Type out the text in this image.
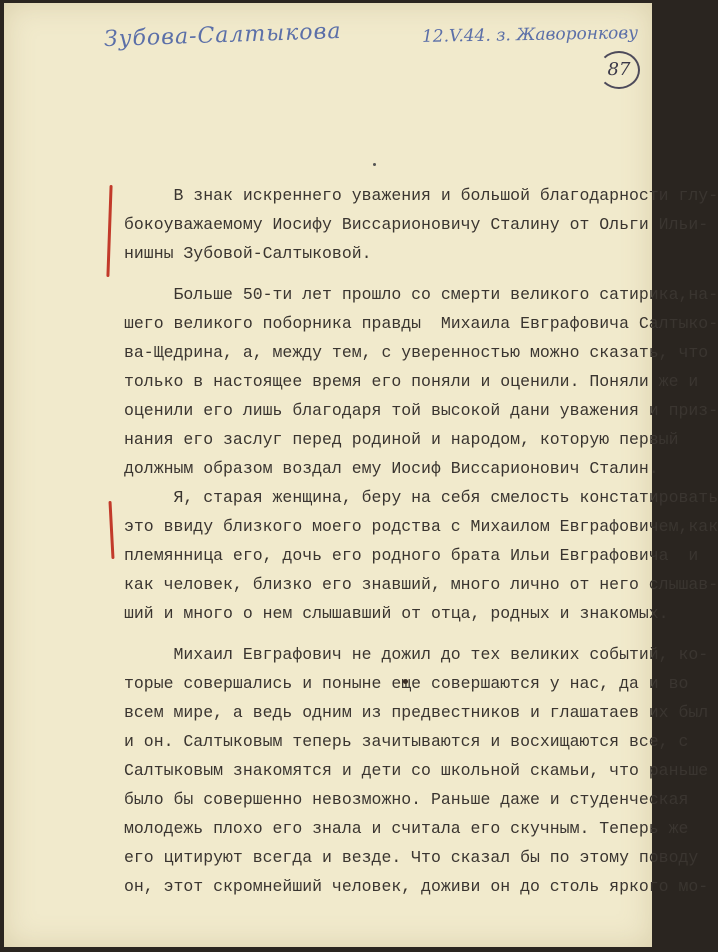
Зубова-Салтыкова	12.V.44. з. Жаворонкову
87
В знак искреннего уважения и большой благодарности глу-
бокоуважаемому Иосифу Виссарионовичу Сталину от Ольги Ильи-
нишны Зубовой-Салтыковой.
Больше 50-ти лет прошло со смерти великого сатирика,на-
шего великого поборника правды  Михаила Евграфовича Салтыко-
ва-Щедрина, а, между тем, с уверенностью можно сказать, что
только в настоящее время его поняли и оценили. Поняли же и
оценили его лишь благодаря той высокой дани уважения и приз-
нания его заслуг перед родиной и народом, которую первый
должным образом воздал ему Иосиф Виссарионович Сталин.
Я, старая женщина, беру на себя смелость констатировать
это ввиду близкого моего родства с Михаилом Евграфовичем,как
племянница его, дочь его родного брата Ильи Евграфовича  и
как человек, близко его знавший, много лично от него слышав-
ший и много о нем слышавший от отца, родных и знакомых.
Михаил Евграфович не дожил до тех великих событий, ко-
торые совершались и поныне еще совершаются у нас, да и во
всем мире, а ведь одним из предвестников и глашатаев их был
и он. Салтыковым теперь зачитываются и восхищаются все, с
Салтыковым знакомятся и дети со школьной скамьи, что раньше
было бы совершенно невозможно. Раньше даже и студенческая
молодежь плохо его знала и считала его скучным. Теперь же
его цитируют всегда и везде. Что сказал бы по этому поводу
он, этот скромнейший человек, доживи он до столь яркого мо-
